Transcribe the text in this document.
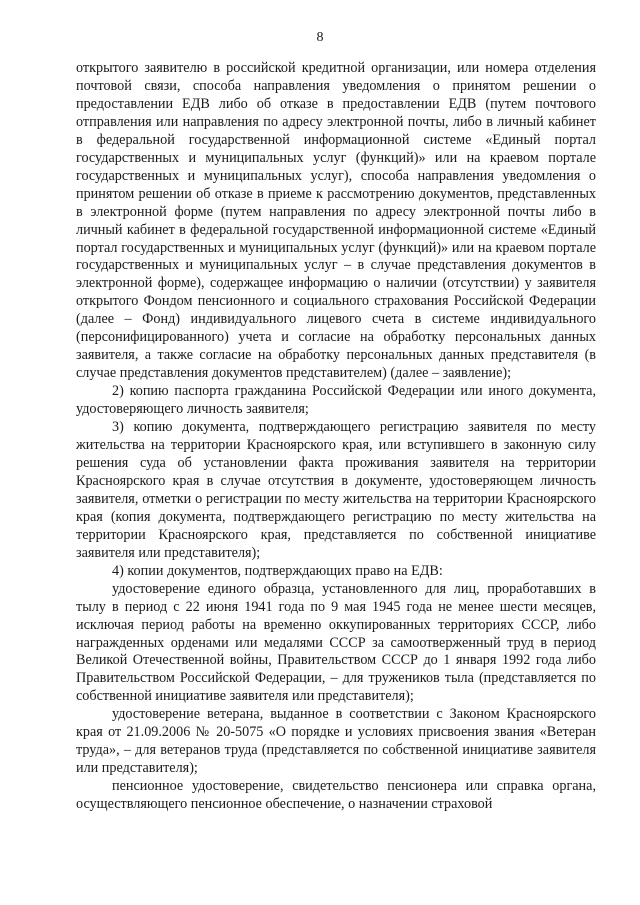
8

открытого заявителю в российской кредитной организации, или номера отделения почтовой связи, способа направления уведомления о принятом решении о предоставлении ЕДВ либо об отказе в предоставлении ЕДВ (путем почтового отправления или направления по адресу электронной почты, либо в личный кабинет в федеральной государственной информационной системе «Единый портал государственных и муниципальных услуг (функций)» или на краевом портале государственных и муниципальных услуг), способа направления уведомления о принятом решении об отказе в приеме к рассмотрению документов, представленных в электронной форме (путем направления по адресу электронной почты либо в личный кабинет в федеральной государственной информационной системе «Единый портал государственных и муниципальных услуг (функций)» или на краевом портале государственных и муниципальных услуг – в случае представления документов в электронной форме), содержащее информацию о наличии (отсутствии) у заявителя открытого Фондом пенсионного и социального страхования Российской Федерации (далее – Фонд) индивидуального лицевого счета в системе индивидуального (персонифицированного) учета и согласие на обработку персональных данных заявителя, а также согласие на обработку персональных данных представителя (в случае представления документов представителем) (далее – заявление);

2) копию паспорта гражданина Российской Федерации или иного документа, удостоверяющего личность заявителя;

3) копию документа, подтверждающего регистрацию заявителя по месту жительства на территории Красноярского края, или вступившего в законную силу решения суда об установлении факта проживания заявителя на территории Красноярского края в случае отсутствия в документе, удостоверяющем личность заявителя, отметки о регистрации по месту жительства на территории Красноярского края (копия документа, подтверждающего регистрацию по месту жительства на территории Красноярского края, представляется по собственной инициативе заявителя или представителя);

4) копии документов, подтверждающих право на ЕДВ:

удостоверение единого образца, установленного для лиц, проработавших в тылу в период с 22 июня 1941 года по 9 мая 1945 года не менее шести месяцев, исключая период работы на временно оккупированных территориях СССР, либо награжденных орденами или медалями СССР за самоотверженный труд в период Великой Отечественной войны, Правительством СССР до 1 января 1992 года либо Правительством Российской Федерации, – для тружеников тыла (представляется по собственной инициативе заявителя или представителя);

удостоверение ветерана, выданное в соответствии с Законом Красноярского края от 21.09.2006 № 20-5075 «О порядке и условиях присвоения звания «Ветеран труда», – для ветеранов труда (представляется по собственной инициативе заявителя или представителя);

пенсионное удостоверение, свидетельство пенсионера или справка органа, осуществляющего пенсионное обеспечение, о назначении страховой
